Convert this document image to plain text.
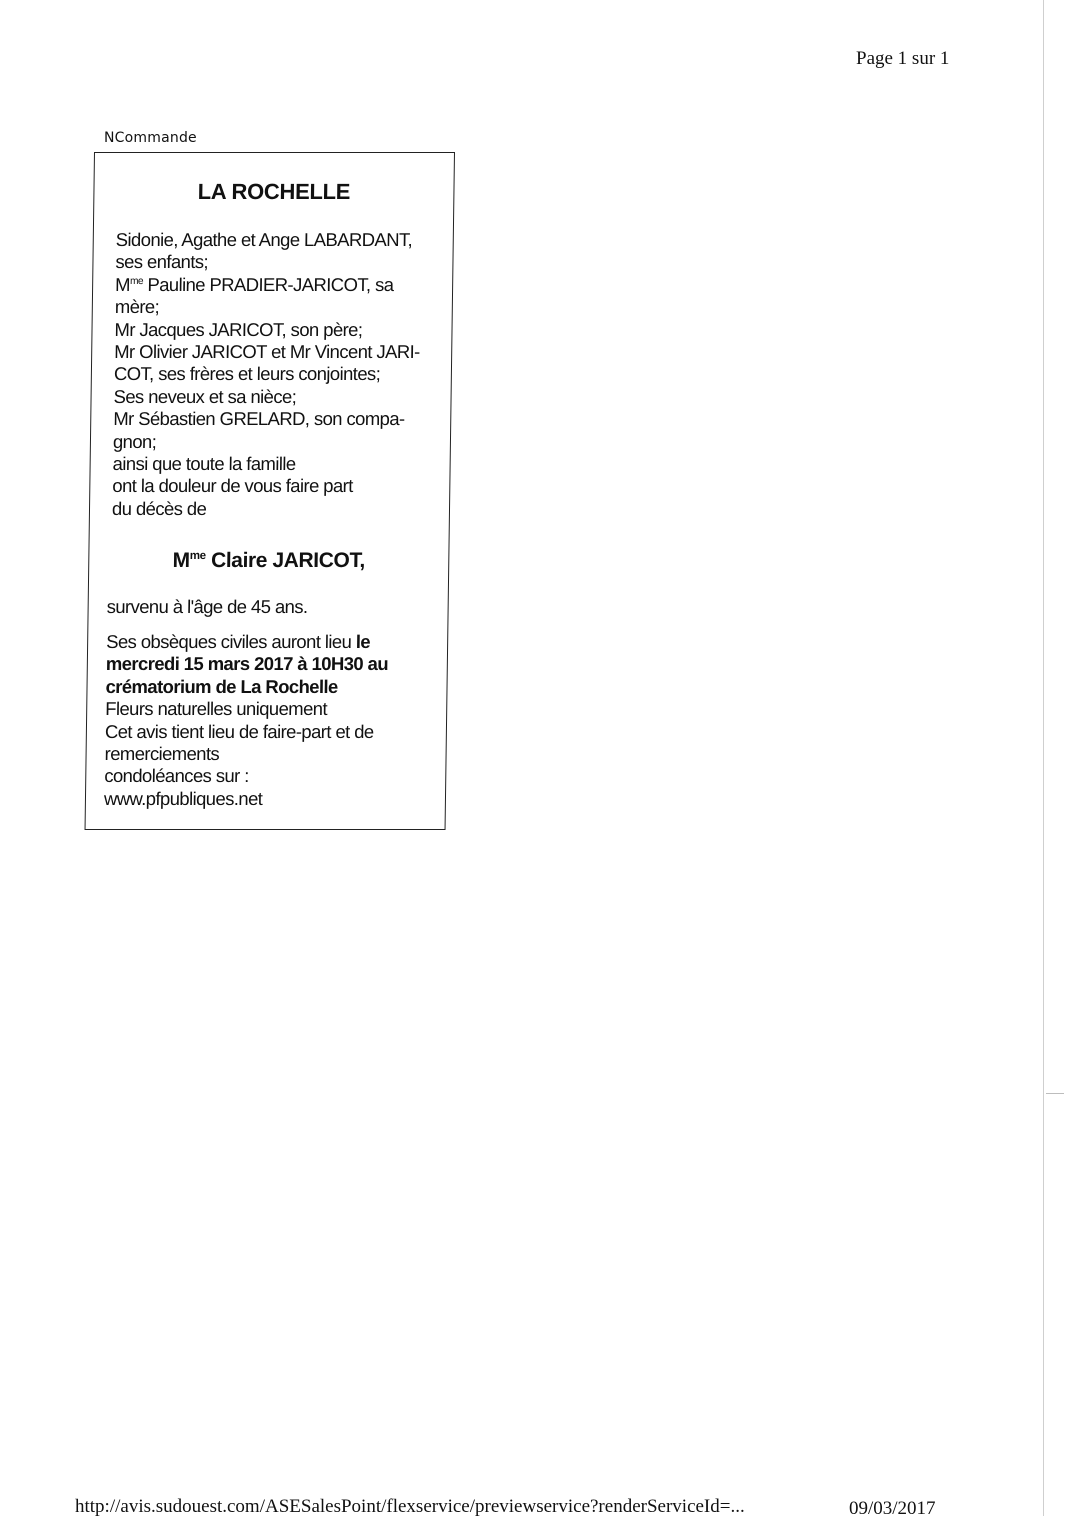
Page 1 sur 1
NCommande
LA ROCHELLE
Sidonie, Agathe et Ange LABARDANT,
ses enfants;
$M^{me}$ Pauline PRADIER-JARICOT, sa
mère;
Mr Jacques JARICOT, son père;
Mr Olivier JARICOT et Mr Vincent JARI-
COT, ses frères et leurs conjointes;
Ses neveux et sa nièce;
Mr Sébastien GRELARD, son compa-
gnon;
ainsi que toute la famille
ont la douleur de vous faire part
du décès de
$M^{me}$ Claire JARICOT,
survenu à l'âge de 45 ans.
Ses obsèques civiles auront lieu le
mercredi 15 mars 2017 à 10H30 au
crématorium de La Rochelle
Fleurs naturelles uniquement
Cet avis tient lieu de faire-part et de
remerciements
condoléances sur :
www.pfpubliques.net
http://avis.sudouest.com/ASESalesPoint/flexservice/previewservice?renderServiceId=...	09/03/2017
